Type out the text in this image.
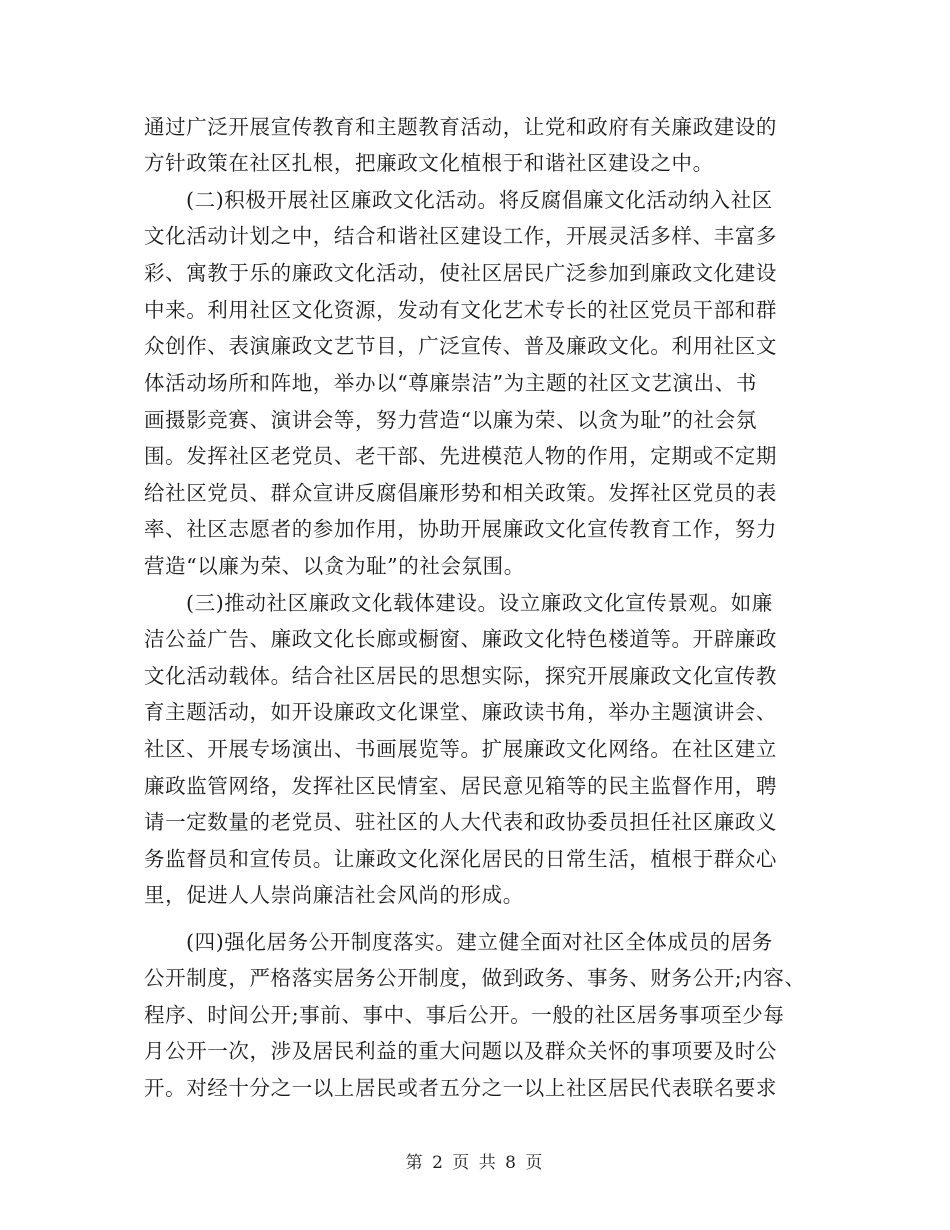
通过广泛开展宣传教育和主题教育活动，让党和政府有关廉政建设的
方针政策在社区扎根，把廉政文化植根于和谐社区建设之中。
(二)积极开展社区廉政文化活动。将反腐倡廉文化活动纳入社区
文化活动计划之中，结合和谐社区建设工作，开展灵活多样、丰富多
彩、寓教于乐的廉政文化活动，使社区居民广泛参加到廉政文化建设
中来。利用社区文化资源，发动有文化艺术专长的社区党员干部和群
众创作、表演廉政文艺节目，广泛宣传、普及廉政文化。利用社区文
体活动场所和阵地，举办以“尊廉崇洁”为主题的社区文艺演出、书
画摄影竞赛、演讲会等，努力营造“以廉为荣、以贪为耻”的社会氛
围。发挥社区老党员、老干部、先进模范人物的作用，定期或不定期
给社区党员、群众宣讲反腐倡廉形势和相关政策。发挥社区党员的表
率、社区志愿者的参加作用，协助开展廉政文化宣传教育工作，努力
营造“以廉为荣、以贪为耻”的社会氛围。
(三)推动社区廉政文化载体建设。设立廉政文化宣传景观。如廉
洁公益广告、廉政文化长廊或橱窗、廉政文化特色楼道等。开辟廉政
文化活动载体。结合社区居民的思想实际，探究开展廉政文化宣传教
育主题活动，如开设廉政文化课堂、廉政读书角，举办主题演讲会、
社区、开展专场演出、书画展览等。扩展廉政文化网络。在社区建立
廉政监管网络，发挥社区民情室、居民意见箱等的民主监督作用，聘
请一定数量的老党员、驻社区的人大代表和政协委员担任社区廉政义
务监督员和宣传员。让廉政文化深化居民的日常生活，植根于群众心
里，促进人人崇尚廉洁社会风尚的形成。
(四)强化居务公开制度落实。建立健全面对社区全体成员的居务
公开制度，严格落实居务公开制度，做到政务、事务、财务公开;内容、
程序、时间公开;事前、事中、事后公开。一般的社区居务事项至少每
月公开一次，涉及居民利益的重大问题以及群众关怀的事项要及时公
开。对经十分之一以上居民或者五分之一以上社区居民代表联名要求
第 2 页 共 8 页
